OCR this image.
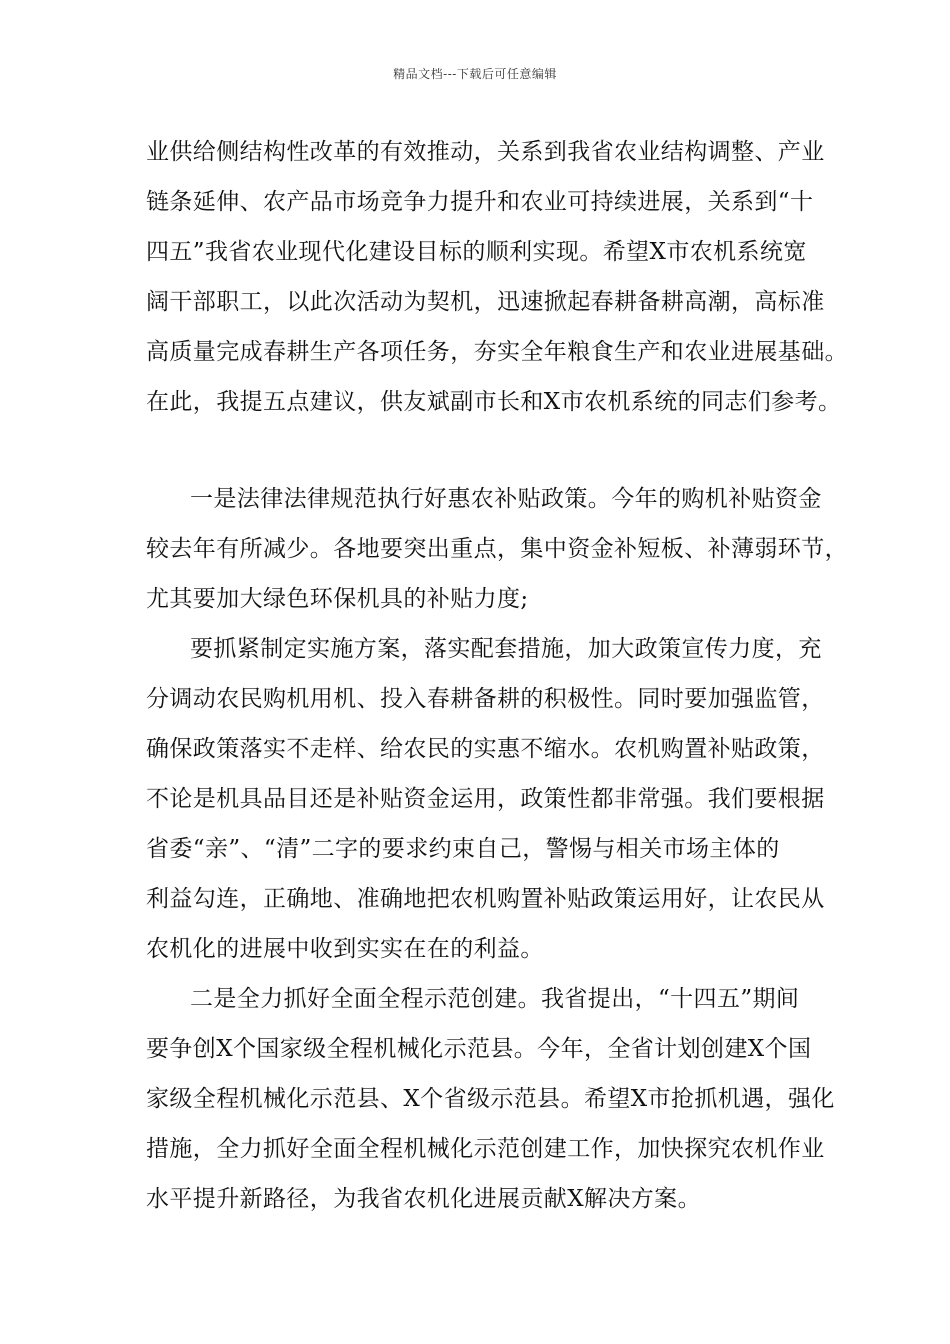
精品文档---下载后可任意编辑
业供给侧结构性改革的有效推动，关系到我省农业结构调整、产业
链条延伸、农产品市场竞争力提升和农业可持续进展，关系到“十
四五”我省农业现代化建设目标的顺利实现。希望X市农机系统宽
阔干部职工，以此次活动为契机，迅速掀起春耕备耕高潮，高标准
高质量完成春耕生产各项任务，夯实全年粮食生产和农业进展基础。
在此，我提五点建议，供友斌副市长和X市农机系统的同志们参考。
一是法律法律规范执行好惠农补贴政策。今年的购机补贴资金
较去年有所减少。各地要突出重点，集中资金补短板、补薄弱环节，
尤其要加大绿色环保机具的补贴力度;
要抓紧制定实施方案，落实配套措施，加大政策宣传力度，充
分调动农民购机用机、投入春耕备耕的积极性。同时要加强监管，
确保政策落实不走样、给农民的实惠不缩水。农机购置补贴政策，
不论是机具品目还是补贴资金运用，政策性都非常强。我们要根据
省委“亲”、“清”二字的要求约束自己，警惕与相关市场主体的
利益勾连，正确地、准确地把农机购置补贴政策运用好，让农民从
农机化的进展中收到实实在在的利益。
二是全力抓好全面全程示范创建。我省提出，“十四五”期间
要争创X个国家级全程机械化示范县。今年，全省计划创建X个国
家级全程机械化示范县、X个省级示范县。希望X市抢抓机遇，强化
措施，全力抓好全面全程机械化示范创建工作，加快探究农机作业
水平提升新路径，为我省农机化进展贡献X解决方案。
